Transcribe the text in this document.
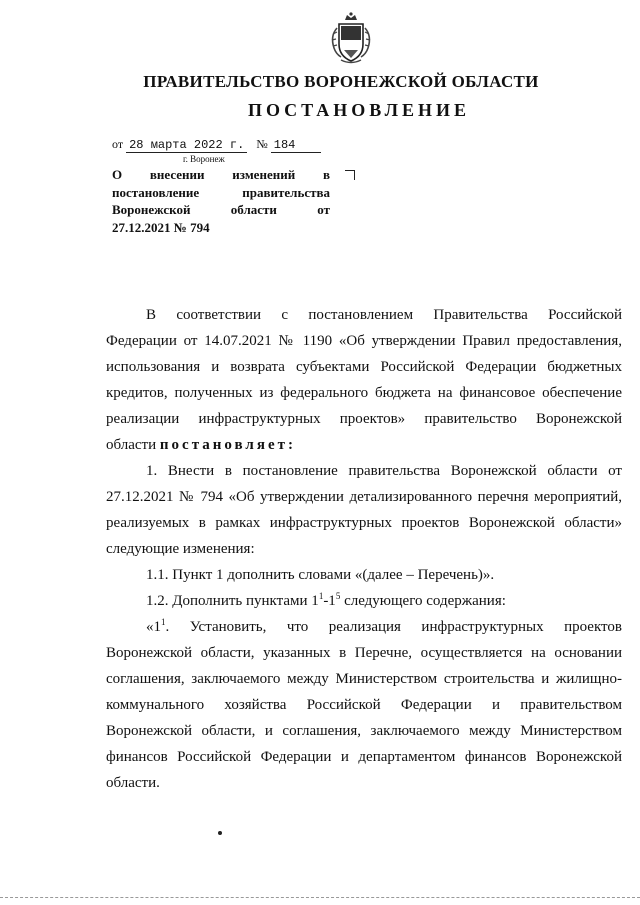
ПРАВИТЕЛЬСТВО ВОРОНЕЖСКОЙ ОБЛАСТИ
ПОСТАНОВЛЕНИЕ
от 28 марта 2022 г. № 184
г. Воронеж
О внесении изменений в
постановление правительства
Воронежской области от
27.12.2021 № 794

В соответствии с постановлением Правительства Российской

Федерации от 14.07.2021 № 1190 «Об утверждении Правил предоставления,
использования и возврата субъектами Российской Федерации бюджетных
кредитов, полученных из федерального бюджета на финансовое обеспечение
реализации инфраструктурных проектов» правительство Воронежской
области постановляет:

1. Внести в постановление правительства Воронежской области от

27.12.2021 № 794 «Об утверждении детализированного перечня мероприятий,
реализуемых в рамках инфраструктурных проектов Воронежской области»
следующие изменения:

1.1. Пункт 1 дополнить словами «(далее – Перечень)».

1.2. Дополнить пунктами $1^1-1^5$ следующего содержания:

«$1^1$. Установить, что реализация инфраструктурных проектов

Воронежской области, указанных в Перечне, осуществляется на основании
соглашения, заключаемого между Министерством строительства и жилищно-
коммунального хозяйства Российской Федерации и правительством
Воронежской области, и соглашения, заключаемого между Министерством
финансов Российской Федерации и департаментом финансов Воронежской
области.
